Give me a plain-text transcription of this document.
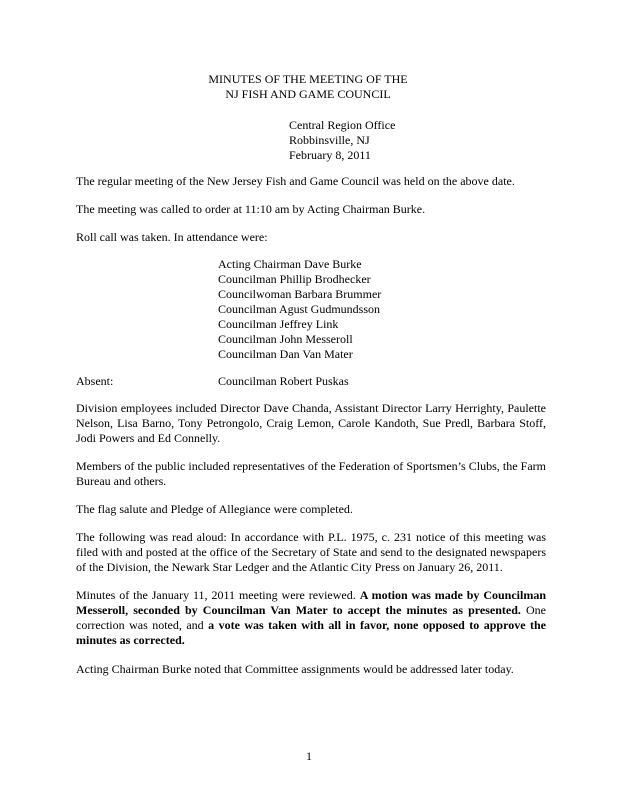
MINUTES OF THE MEETING OF THE
NJ FISH AND GAME COUNCIL
Central Region Office
Robbinsville, NJ
February 8, 2011

The regular meeting of the New Jersey Fish and Game Council was held on the above date.

The meeting was called to order at 11:10 am by Acting Chairman Burke.

Roll call was taken. In attendance were:

Acting Chairman Dave Burke
Councilman Phillip Brodhecker
Councilwoman Barbara Brummer
Councilman Agust Gudmundsson
Councilman Jeffrey Link
Councilman John Messeroll
Councilman Dan Van Mater
Absent:	Councilman Robert Puskas

Division employees included Director Dave Chanda, Assistant Director Larry Herrighty, Paulette Nelson, Lisa Barno, Tony Petrongolo, Craig Lemon, Carole Kandoth, Sue Predl, Barbara Stoff, Jodi Powers and Ed Connelly.

Members of the public included representatives of the Federation of Sportsmen’s Clubs, the Farm Bureau and others.

The flag salute and Pledge of Allegiance were completed.

The following was read aloud: In accordance with P.L. 1975, c. 231 notice of this meeting was filed with and posted at the office of the Secretary of State and send to the designated newspapers of the Division, the Newark Star Ledger and the Atlantic City Press on January 26, 2011.

Minutes of the January 11, 2011 meeting were reviewed. A motion was made by Councilman Messeroll, seconded by Councilman Van Mater to accept the minutes as presented. One correction was noted, and a vote was taken with all in favor, none opposed to approve the minutes as corrected.

Acting Chairman Burke noted that Committee assignments would be addressed later today.

1
